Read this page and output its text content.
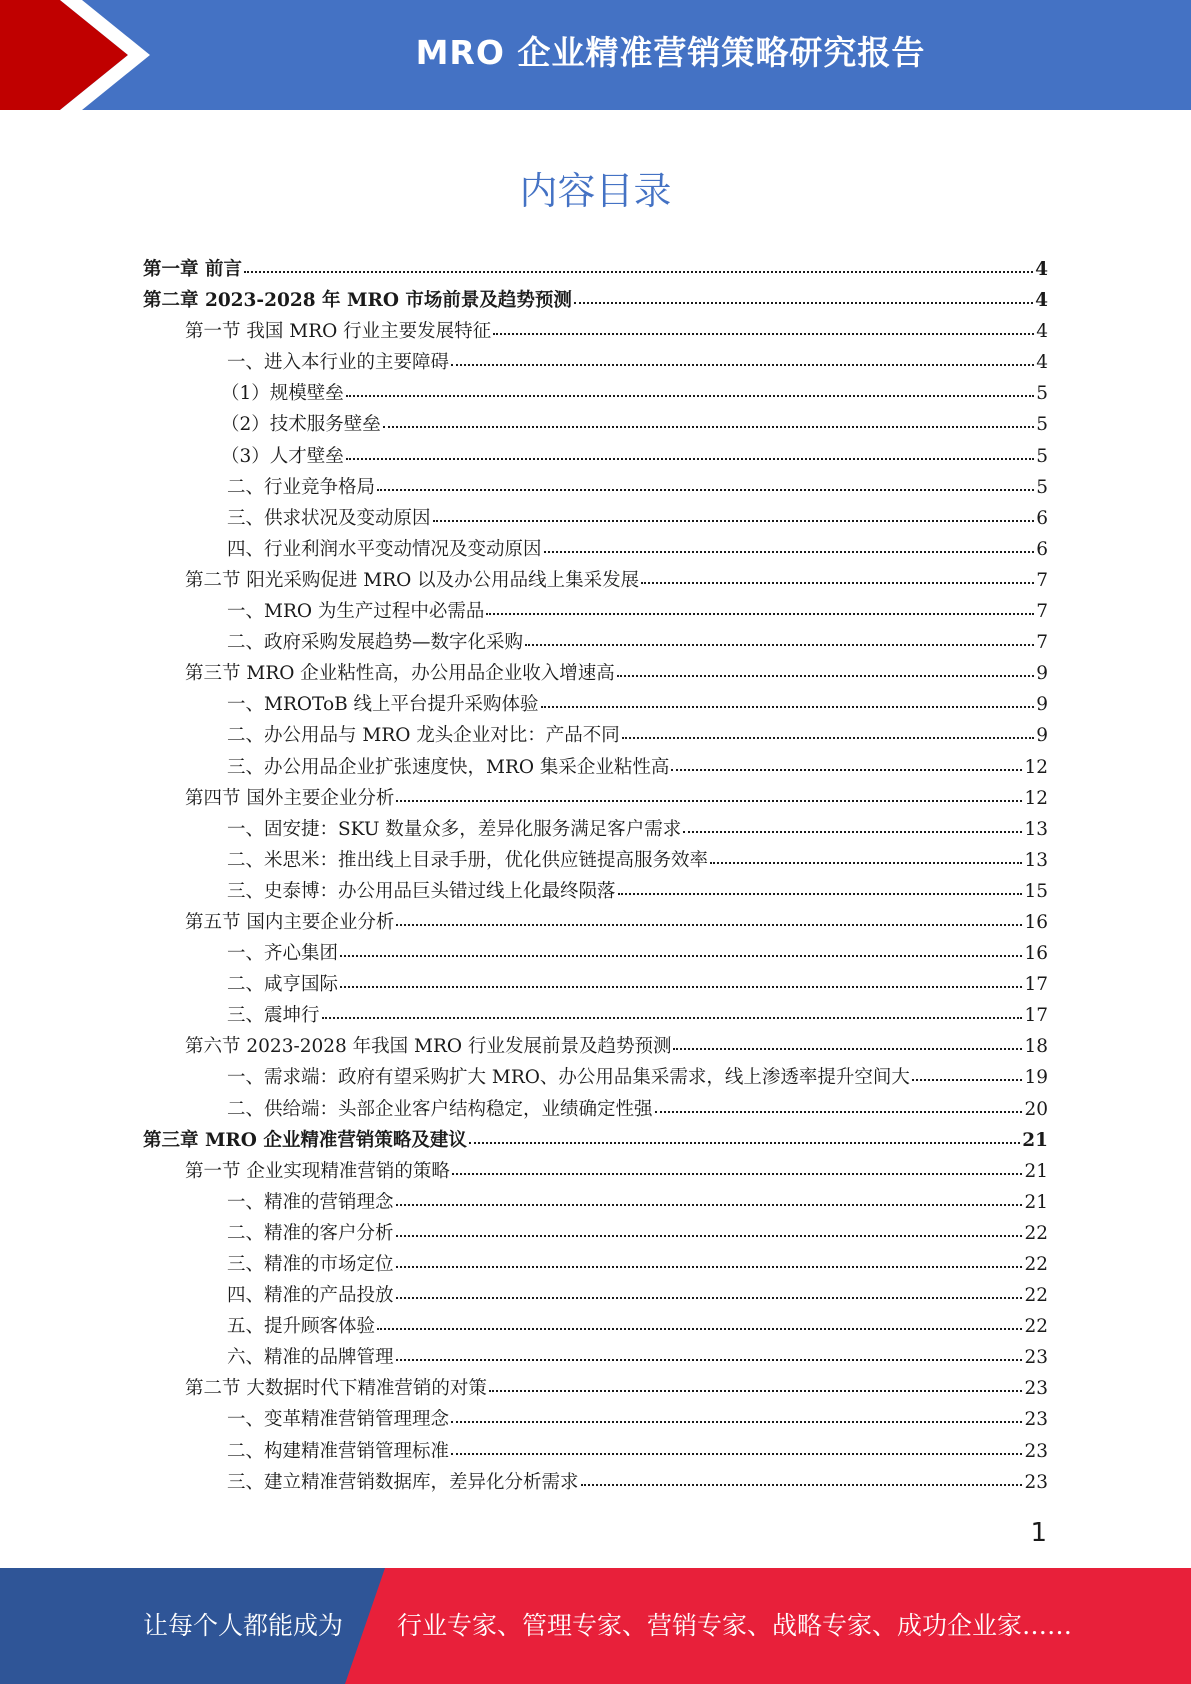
MRO 企业精准营销策略研究报告
内容目录
第一章 前言	4
第二章 2023-2028 年 MRO 市场前景及趋势预测	4
第一节 我国 MRO 行业主要发展特征	4
一、进入本行业的主要障碍	4
（1）规模壁垒	5
（2）技术服务壁垒	5
（3）人才壁垒	5
二、行业竞争格局	5
三、供求状况及变动原因	6
四、行业利润水平变动情况及变动原因	6
第二节 阳光采购促进 MRO 以及办公用品线上集采发展	7
一、MRO 为生产过程中必需品	7
二、政府采购发展趋势—数字化采购	7
第三节 MRO 企业粘性高，办公用品企业收入增速高	9
一、MROToB 线上平台提升采购体验	9
二、办公用品与 MRO 龙头企业对比：产品不同	9
三、办公用品企业扩张速度快，MRO 集采企业粘性高	12
第四节 国外主要企业分析	12
一、固安捷：SKU 数量众多，差异化服务满足客户需求	13
二、米思米：推出线上目录手册，优化供应链提高服务效率	13
三、史泰博：办公用品巨头错过线上化最终陨落	15
第五节 国内主要企业分析	16
一、齐心集团	16
二、咸亨国际	17
三、震坤行	17
第六节 2023-2028 年我国 MRO 行业发展前景及趋势预测	18
一、需求端：政府有望采购扩大 MRO、办公用品集采需求，线上渗透率提升空间大	19
二、供给端：头部企业客户结构稳定，业绩确定性强	20
第三章 MRO 企业精准营销策略及建议	21
第一节 企业实现精准营销的策略	21
一、精准的营销理念	21
二、精准的客户分析	22
三、精准的市场定位	22
四、精准的产品投放	22
五、提升顾客体验	22
六、精准的品牌管理	23
第二节 大数据时代下精准营销的对策	23
一、变革精准营销管理理念	23
二、构建精准营销管理标准	23
三、建立精准营销数据库，差异化分析需求	23
1
让每个人都能成为 行业专家、管理专家、营销专家、战略专家、成功企业家……
